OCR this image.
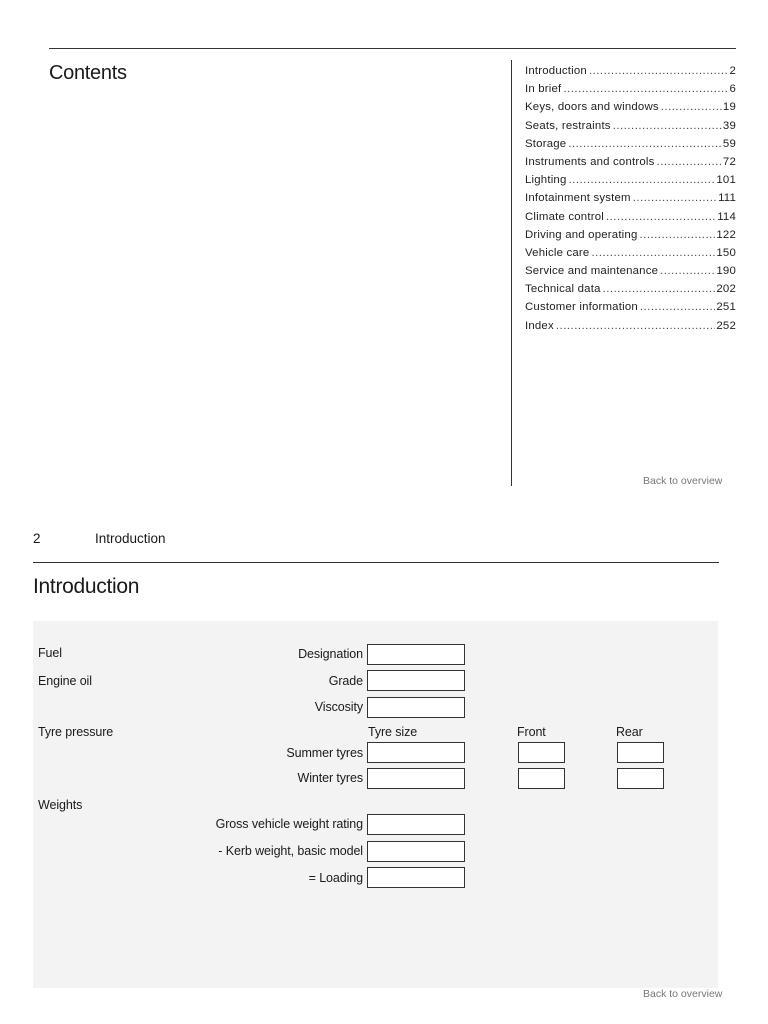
Contents	Introduction .....	2
In brief .....	6
Keys, doors and windows .....	19
Seats, restraints .....	39
Storage .....	59
Instruments and controls .....	72
Lighting .....	101
Infotainment system .....	111
Climate control .....	114
Driving and operating .....	122
Vehicle care .....	150
Service and maintenance .....	190
Technical data .....	202
Customer information .....	251
Index .....	252
Back to overview
2	Introduction
Introduction
Fuel	Designation
Engine oil	Grade
Viscosity
Tyre pressure	Tyre size	Front	Rear
Summer tyres
Winter tyres
Weights
Gross vehicle weight rating
- Kerb weight, basic model
= Loading
Back to overview
